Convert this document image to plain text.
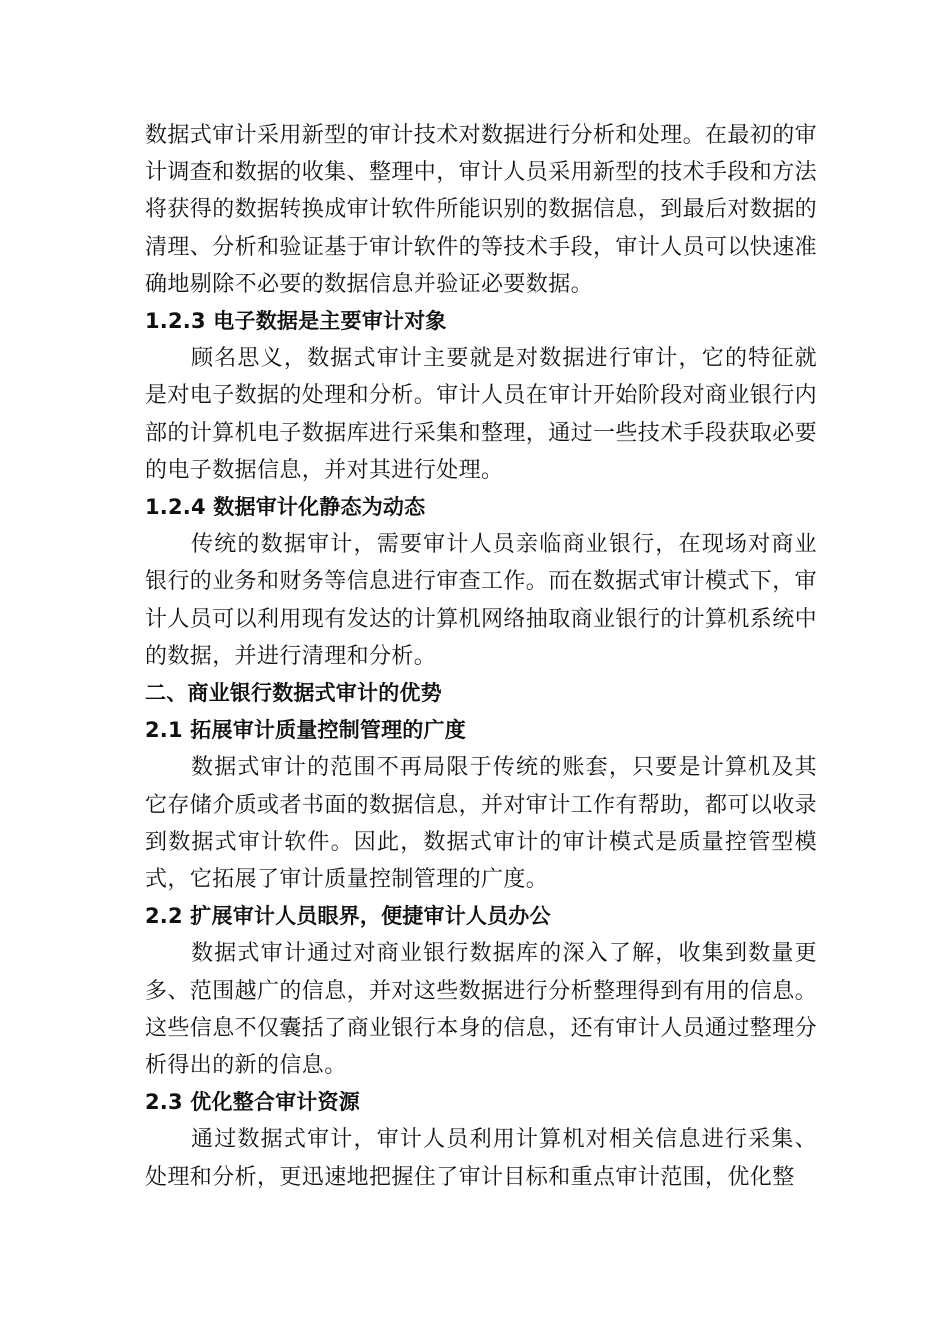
数据式审计采用新型的审计技术对数据进行分析和处理。在最初的审计调查和数据的收集、整理中，审计人员采用新型的技术手段和方法将获得的数据转换成审计软件所能识别的数据信息，到最后对数据的清理、分析和验证基于审计软件的等技术手段，审计人员可以快速准确地剔除不必要的数据信息并验证必要数据。

1.2.3 电子数据是主要审计对象

顾名思义，数据式审计主要就是对数据进行审计，它的特征就是对电子数据的处理和分析。审计人员在审计开始阶段对商业银行内部的计算机电子数据库进行采集和整理，通过一些技术手段获取必要的电子数据信息，并对其进行处理。

1.2.4 数据审计化静态为动态

传统的数据审计，需要审计人员亲临商业银行，在现场对商业银行的业务和财务等信息进行审查工作。而在数据式审计模式下，审计人员可以利用现有发达的计算机网络抽取商业银行的计算机系统中的数据，并进行清理和分析。

二、商业银行数据式审计的优势
2.1 拓展审计质量控制管理的广度

数据式审计的范围不再局限于传统的账套，只要是计算机及其它存储介质或者书面的数据信息，并对审计工作有帮助，都可以收录到数据式审计软件。因此，数据式审计的审计模式是质量控管型模式，它拓展了审计质量控制管理的广度。

2.2 扩展审计人员眼界，便捷审计人员办公

数据式审计通过对商业银行数据库的深入了解，收集到数量更多、范围越广的信息，并对这些数据进行分析整理得到有用的信息。这些信息不仅囊括了商业银行本身的信息，还有审计人员通过整理分析得出的新的信息。

2.3 优化整合审计资源

通过数据式审计，审计人员利用计算机对相关信息进行采集、处理和分析，更迅速地把握住了审计目标和重点审计范围，优化整
